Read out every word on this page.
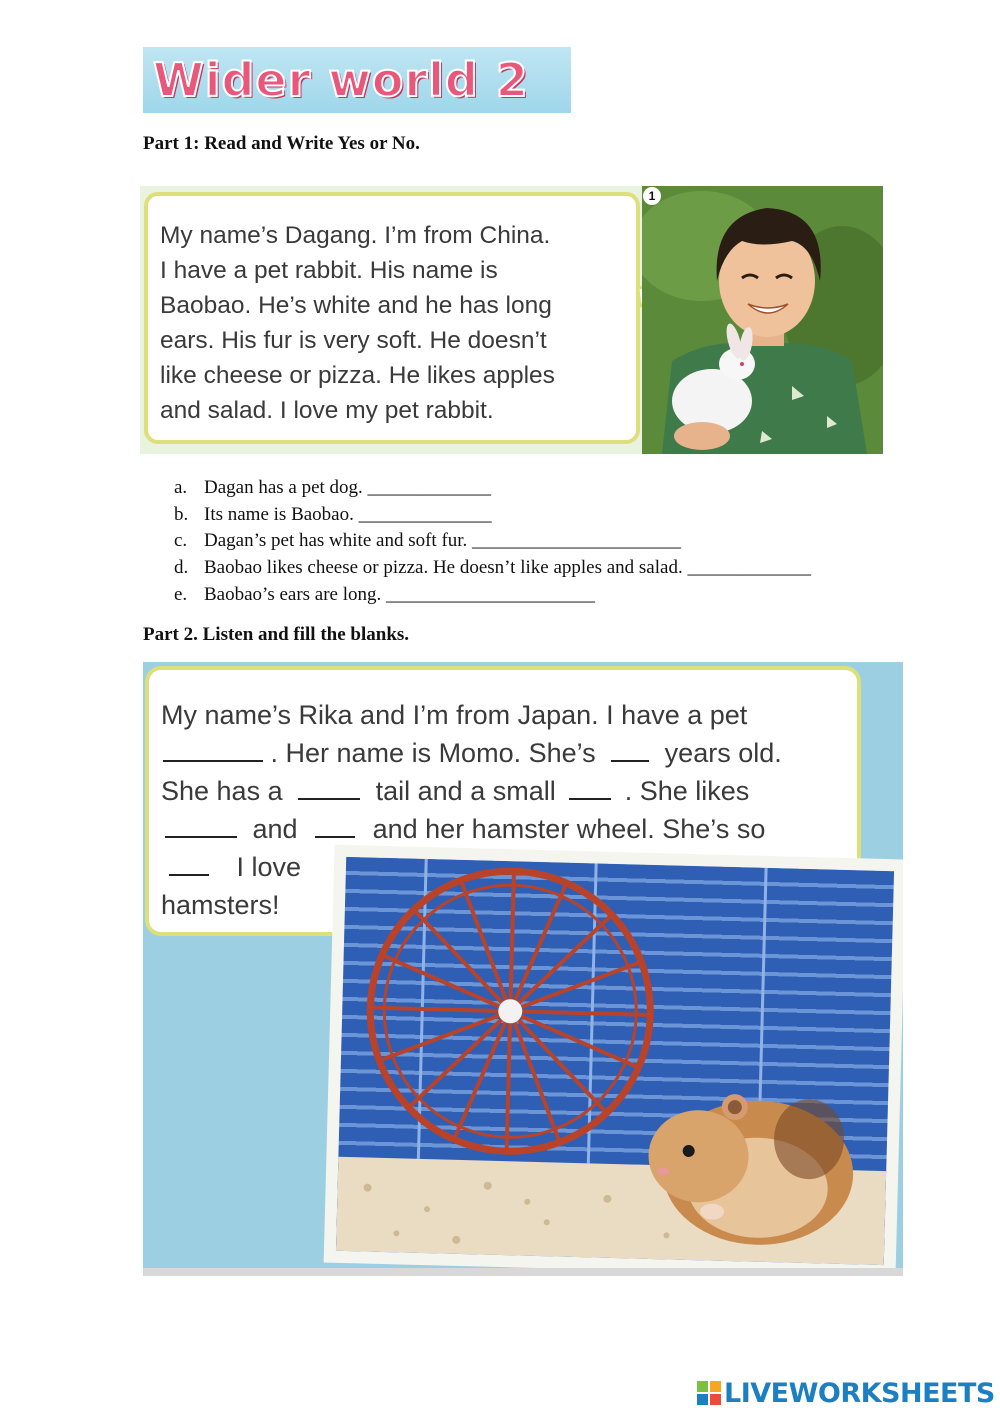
Wider world 2
Part 1: Read and Write Yes or No.
My name’s Dagang. I’m from China.
I have a pet rabbit. His name is
Baobao. He’s white and he has long
ears. His fur is very soft. He doesn’t
like cheese or pizza. He likes apples
and salad. I love my pet rabbit.
1
a. Dagan has a pet dog. _____________
b. Its name is Baobao. ______________
c. Dagan’s pet has white and soft fur. ______________________
d. Baobao likes cheese or pizza. He doesn’t like apples and salad. _____________
e. Baobao’s ears are long. ______________________
Part 2. Listen and fill the blanks.
My name’s Rika and I’m from Japan. I have a pet
. Her name is Momo. She’s	years old.
She has a	tail and a small	. She likes
and	and her hamster wheel. She’s so
I love
hamsters!
LIVEWORKSHEETS
